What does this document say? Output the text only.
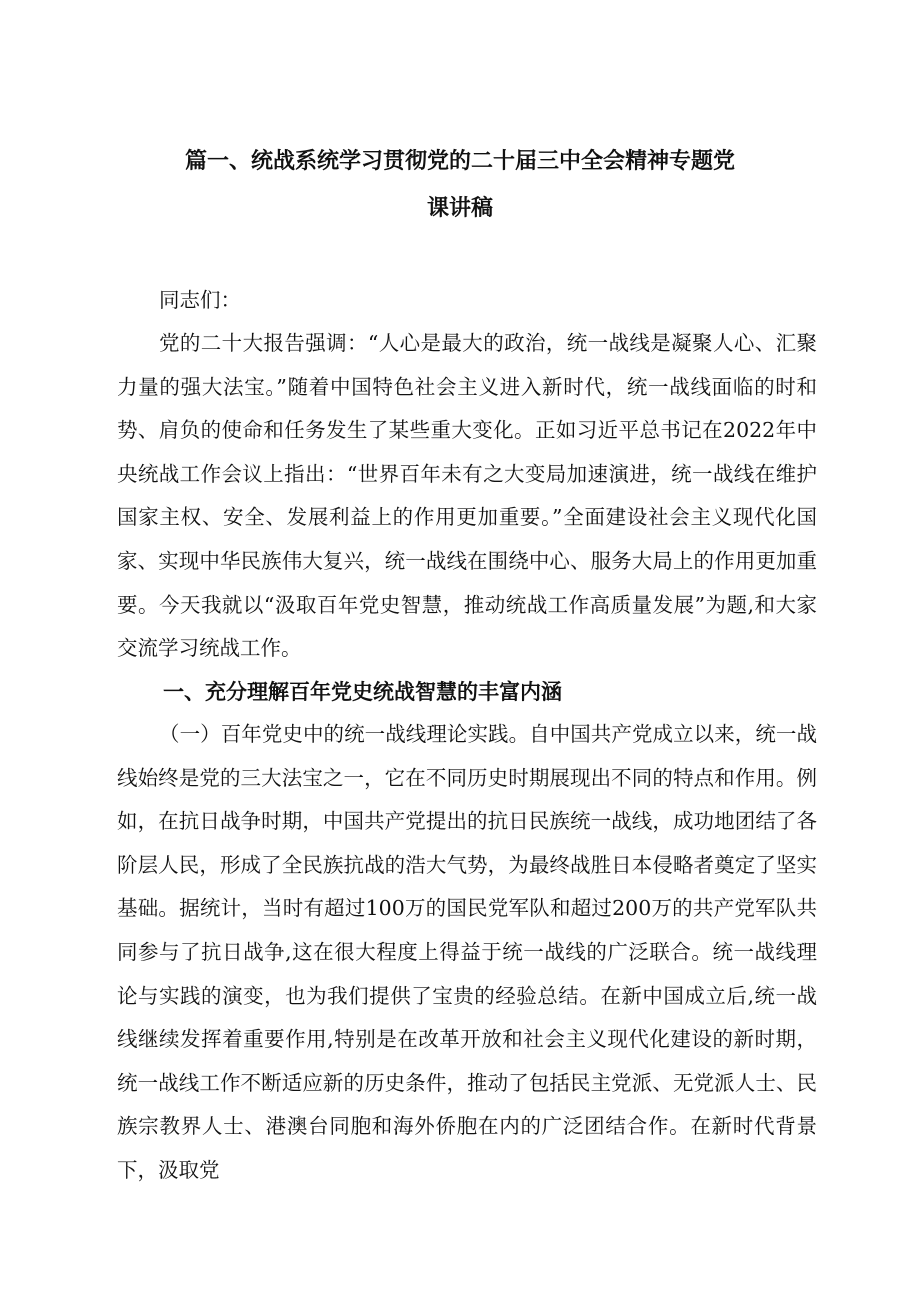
篇一、统战系统学习贯彻党的二十届三中全会精神专题党
课讲稿

同志们：

党的二十大报告强调：“人心是最大的政治，统一战线是凝聚人心、汇聚力量的强大法宝。”随着中国特色社会主义进入新时代，统一战线面临的时和势、肩负的使命和任务发生了某些重大变化。正如习近平总书记在2022年中央统战工作会议上指出：“世界百年未有之大变局加速演进，统一战线在维护国家主权、安全、发展利益上的作用更加重要。”全面建设社会主义现代化国家、实现中华民族伟大复兴，统一战线在围绕中心、服务大局上的作用更加重要。今天我就以“汲取百年党史智慧，推动统战工作高质量发展”为题,和大家交流学习统战工作。

一、充分理解百年党史统战智慧的丰富内涵

（一）百年党史中的统一战线理论实践。自中国共产党成立以来，统一战线始终是党的三大法宝之一，它在不同历史时期展现出不同的特点和作用。例如，在抗日战争时期，中国共产党提出的抗日民族统一战线，成功地团结了各阶层人民，形成了全民族抗战的浩大气势，为最终战胜日本侵略者奠定了坚实基础。据统计，当时有超过100万的国民党军队和超过200万的共产党军队共同参与了抗日战争,这在很大程度上得益于统一战线的广泛联合。统一战线理论与实践的演变，也为我们提供了宝贵的经验总结。在新中国成立后,统一战线继续发挥着重要作用,特别是在改革开放和社会主义现代化建设的新时期，统一战线工作不断适应新的历史条件，推动了包括民主党派、无党派人士、民族宗教界人士、港澳台同胞和海外侨胞在内的广泛团结合作。在新时代背景下，汲取党
